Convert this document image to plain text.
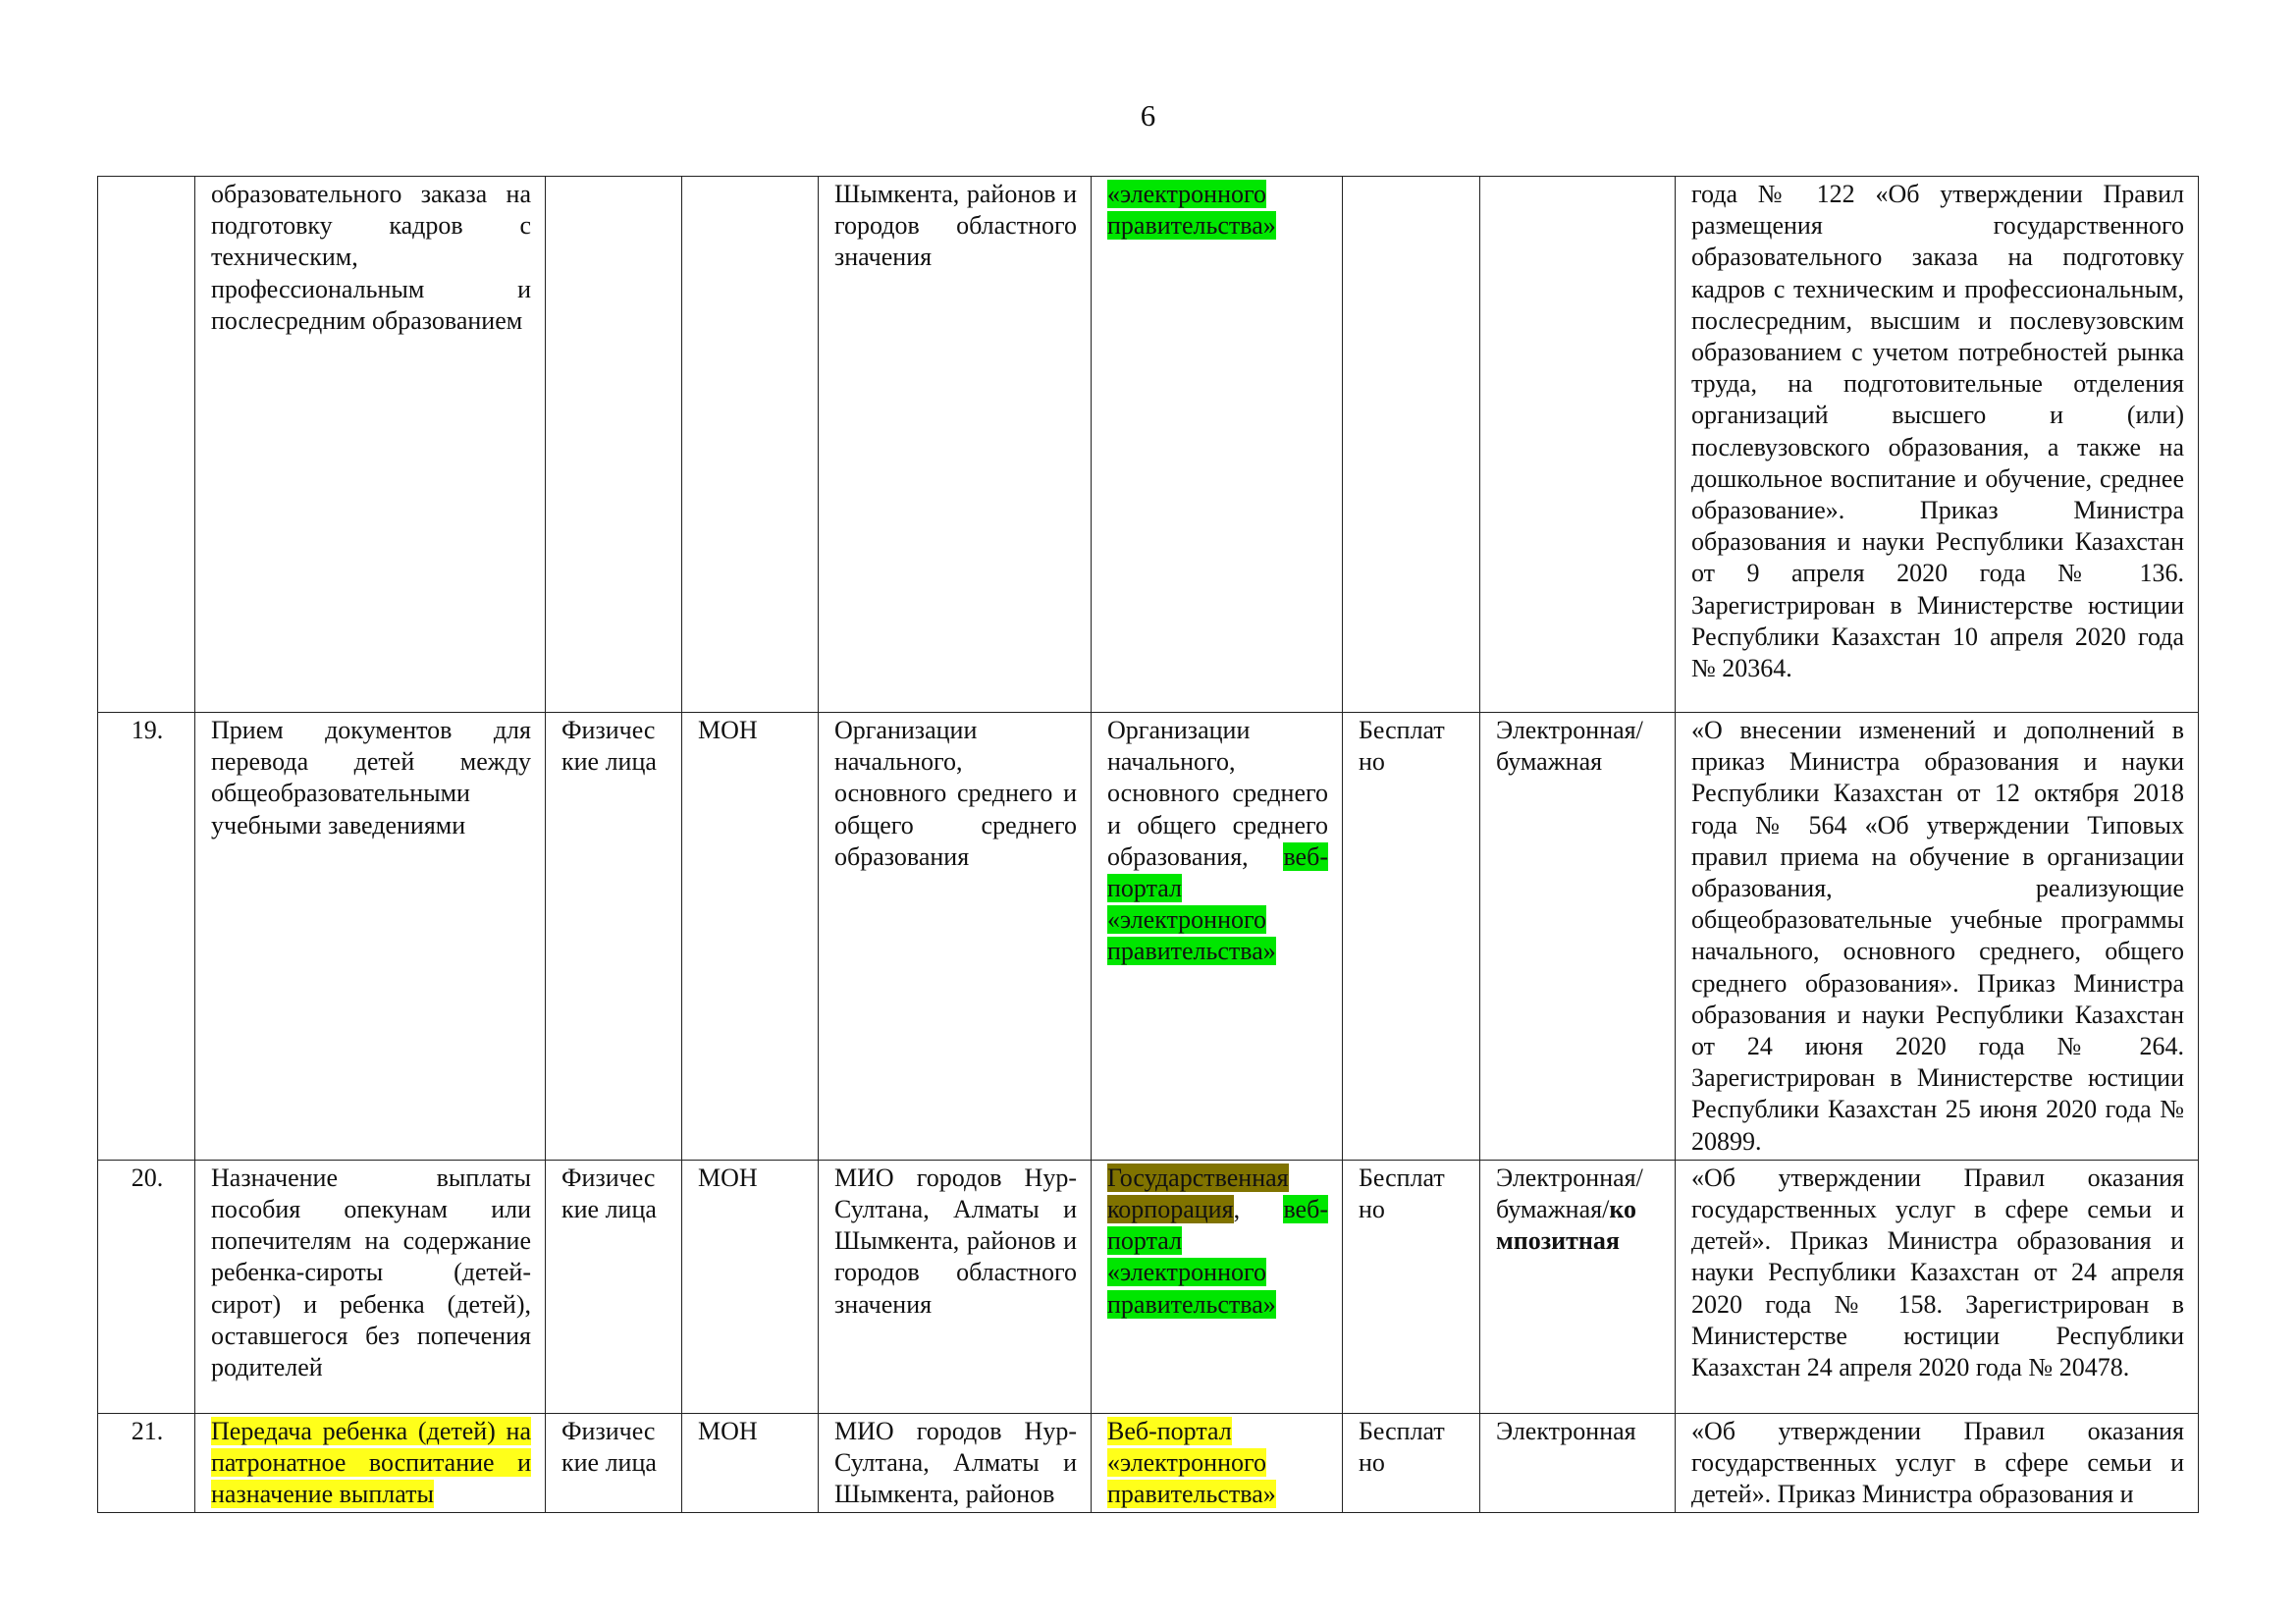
6
	образовательного заказа на подготовку кадров с техническим, профессиональным и послесредним образованием			Шымкента, районов и городов областного значения	«электронного правительства»			года № 122 «Об утверждении Правил размещения государственного образовательного заказа на подготовку кадров с техническим и профессиональным, послесредним, высшим и послевузовским образованием с учетом потребностей рынка труда, на подготовительные отделения организаций высшего и (или) послевузовского образования, а также на дошкольное воспитание и обучение, среднее образование». Приказ Министра образования и науки Республики Казахстан от 9 апреля 2020 года № 136. Зарегистрирован в Министерстве юстиции Республики Казахстан 10 апреля 2020 года № 20364.
19.	Прием документов для перевода детей между общеобразовательными учебными заведениями	Физичес кие лица	МОН	Организации начального, основного среднего и общего среднего образования	Организации начального, основного среднего и общего среднего образования, веб-портал «электронного правительства»	Бесплат но	Электронная/ бумажная	«О внесении изменений и дополнений в приказ Министра образования и науки Республики Казахстан от 12 октября 2018 года № 564 «Об утверждении Типовых правил приема на обучение в организации образования, реализующие общеобразовательные учебные программы начального, основного среднего, общего среднего образования». Приказ Министра образования и науки Республики Казахстан от 24 июня 2020 года № 264. Зарегистрирован в Министерстве юстиции Республики Казахстан 25 июня 2020 года № 20899.
20.	Назначение выплаты пособия опекунам или попечителям на содержание ребенка-сироты (детей-сирот) и ребенка (детей), оставшегося без попечения родителей	Физичес кие лица	МОН	МИО городов Нур-Султана, Алматы и Шымкента, районов и городов областного значения	Государственная корпорация, веб-портал «электронного правительства»	Бесплат но	Электронная/ бумажная/ко мпозитная	«Об утверждении Правил оказания государственных услуг в сфере семьи и детей». Приказ Министра образования и науки Республики Казахстан от 24 апреля 2020 года № 158. Зарегистрирован в Министерстве юстиции Республики Казахстан 24 апреля 2020 года № 20478.
21.	Передача ребенка (детей) на патронатное воспитание и назначение выплаты	Физичес кие лица	МОН	МИО городов Нур-Султана, Алматы и Шымкента, районов	Веб-портал «электронного правительства»	Бесплат но	Электронная	«Об утверждении Правил оказания государственных услуг в сфере семьи и детей». Приказ Министра образования и
